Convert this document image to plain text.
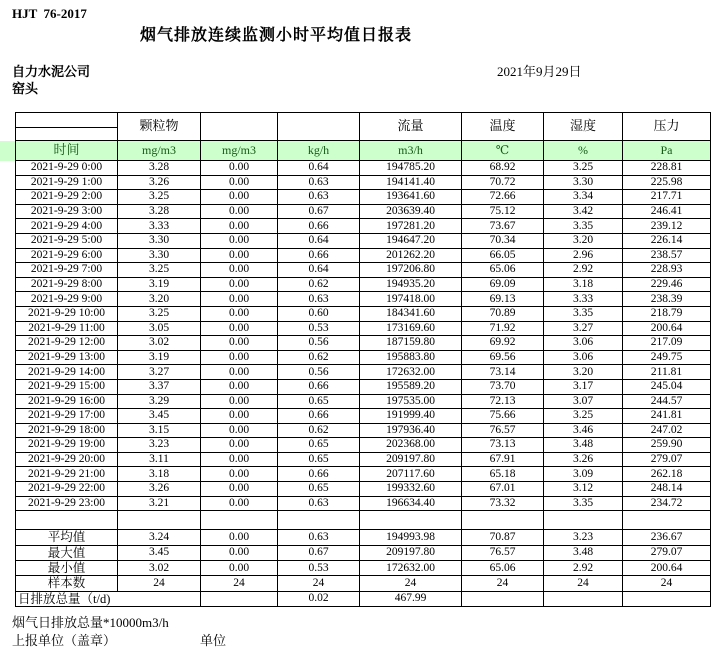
HJT  76-2017
烟气排放连续监测小时平均值日报表
自力水泥公司
窑头
2021年9月29日
	颗粒物			流量	温度	湿度	压力
时间	mg/m3	mg/m3	kg/h	m3/h	℃	%	Pa
2021-9-29 0:00	3.28	0.00	0.64	194785.20	68.92	3.25	228.81
2021-9-29 1:00	3.26	0.00	0.63	194141.40	70.72	3.30	225.98
2021-9-29 2:00	3.25	0.00	0.63	193641.60	72.66	3.34	217.71
2021-9-29 3:00	3.28	0.00	0.67	203639.40	75.12	3.42	246.41
2021-9-29 4:00	3.33	0.00	0.66	197281.20	73.67	3.35	239.12
2021-9-29 5:00	3.30	0.00	0.64	194647.20	70.34	3.20	226.14
2021-9-29 6:00	3.30	0.00	0.66	201262.20	66.05	2.96	238.57
2021-9-29 7:00	3.25	0.00	0.64	197206.80	65.06	2.92	228.93
2021-9-29 8:00	3.19	0.00	0.62	194935.20	69.09	3.18	229.46
2021-9-29 9:00	3.20	0.00	0.63	197418.00	69.13	3.33	238.39
2021-9-29 10:00	3.25	0.00	0.60	184341.60	70.89	3.35	218.79
2021-9-29 11:00	3.05	0.00	0.53	173169.60	71.92	3.27	200.64
2021-9-29 12:00	3.02	0.00	0.56	187159.80	69.92	3.06	217.09
2021-9-29 13:00	3.19	0.00	0.62	195883.80	69.56	3.06	249.75
2021-9-29 14:00	3.27	0.00	0.56	172632.00	73.14	3.20	211.81
2021-9-29 15:00	3.37	0.00	0.66	195589.20	73.70	3.17	245.04
2021-9-29 16:00	3.29	0.00	0.65	197535.00	72.13	3.07	244.57
2021-9-29 17:00	3.45	0.00	0.66	191999.40	75.66	3.25	241.81
2021-9-29 18:00	3.15	0.00	0.62	197936.40	76.57	3.46	247.02
2021-9-29 19:00	3.23	0.00	0.65	202368.00	73.13	3.48	259.90
2021-9-29 20:00	3.11	0.00	0.65	209197.80	67.91	3.26	279.07
2021-9-29 21:00	3.18	0.00	0.66	207117.60	65.18	3.09	262.18
2021-9-29 22:00	3.26	0.00	0.65	199332.60	67.01	3.12	248.14
2021-9-29 23:00	3.21	0.00	0.63	196634.40	73.32	3.35	234.72

平均值	3.24	0.00	0.63	194993.98	70.87	3.23	236.67
最大值	3.45	0.00	0.67	209197.80	76.57	3.48	279.07
最小值	3.02	0.00	0.53	172632.00	65.06	2.92	200.64
样本数	24	24	24	24	24	24	24
日排放总量（t/d)			0.02	467.99			
烟气日排放总量*10000m3/h
上报单位（盖章）	单位
